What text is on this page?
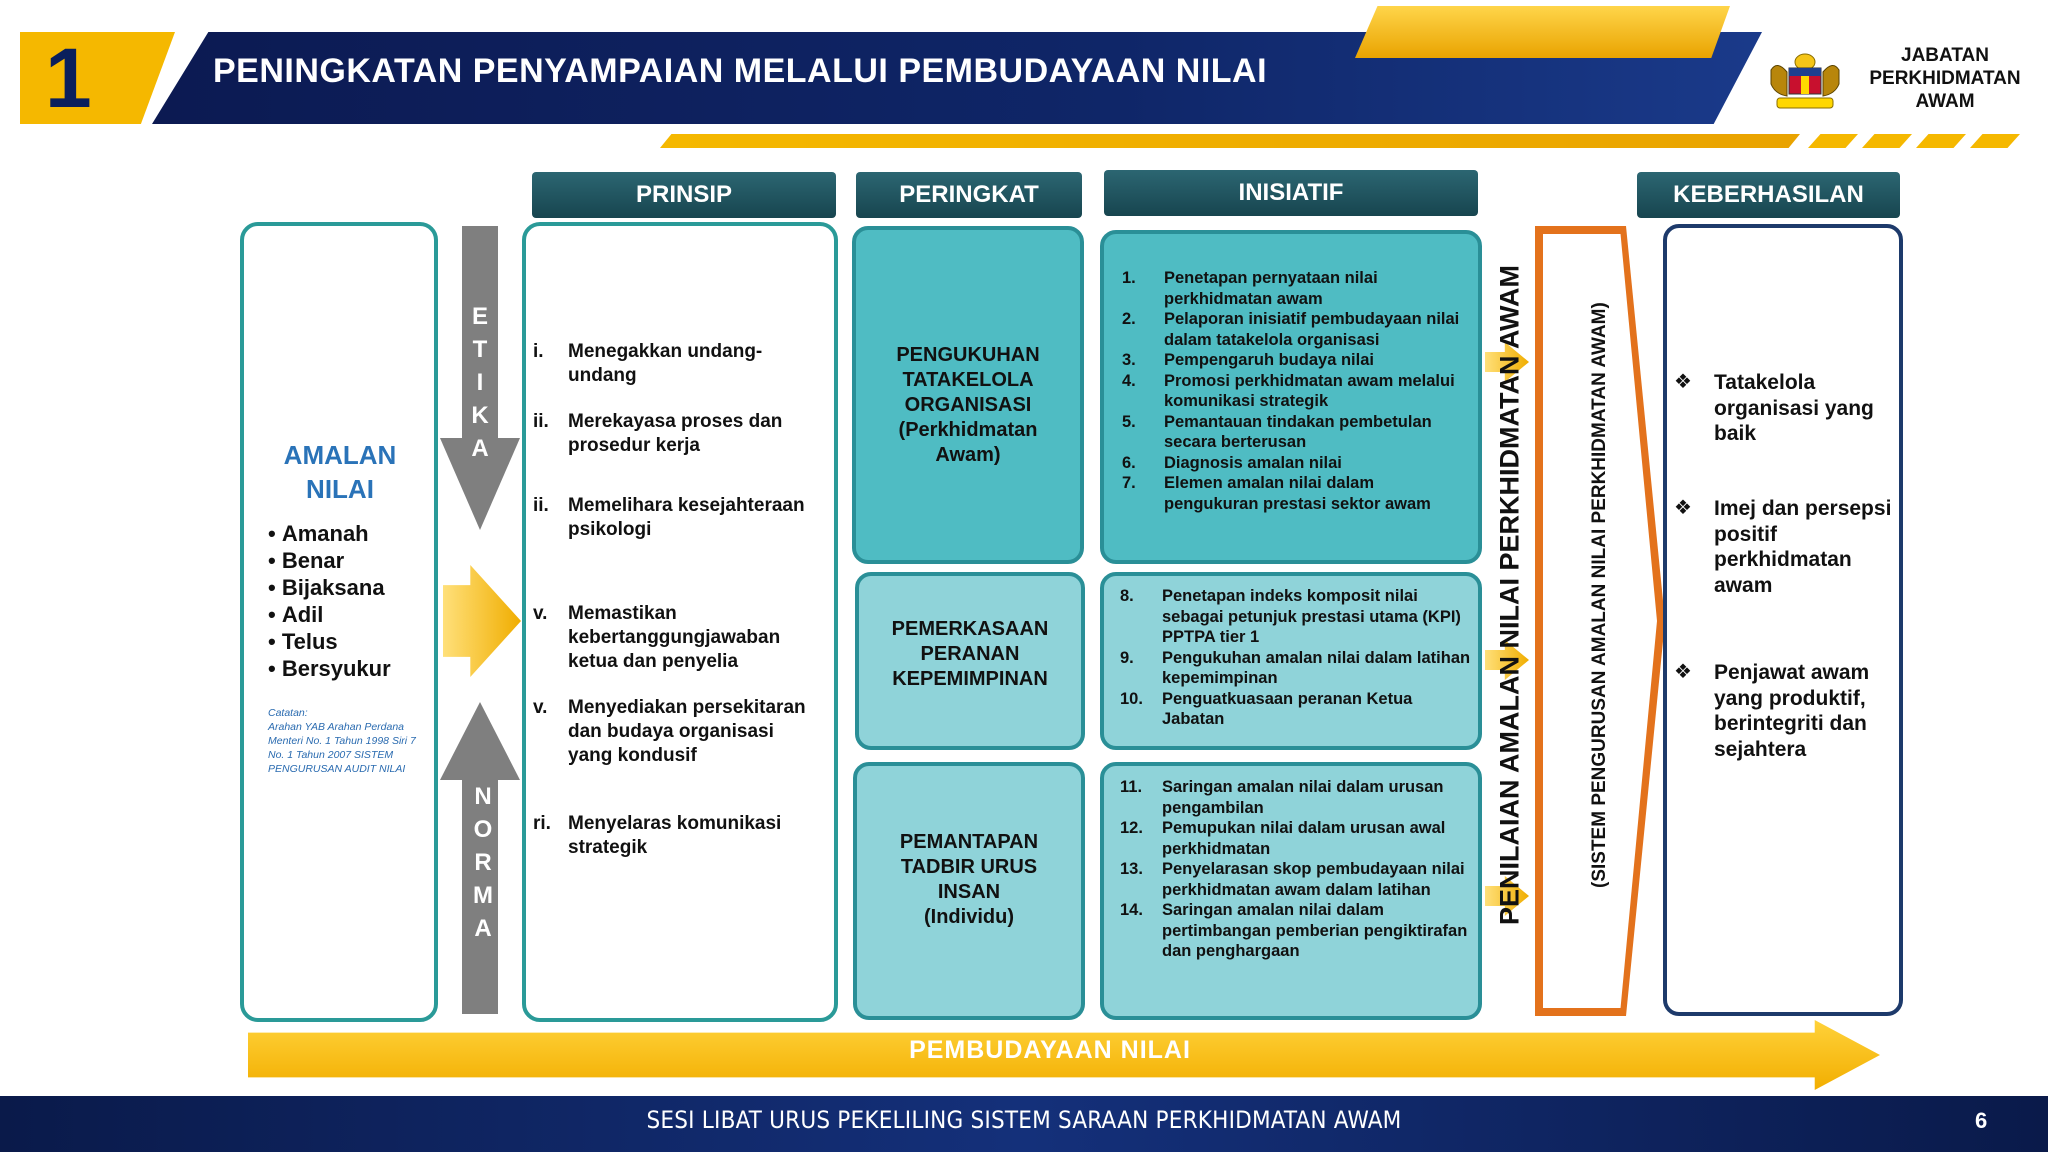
1	PENINGKATAN PENYAMPAIAN MELALUI PEMBUDAYAAN NILAI	JABATAN
PERKHIDMATAN
AWAM
PRINSIP	PERINGKAT	INISIATIF	KEBERHASILAN
AMALAN
NILAI
• Amanah
• Benar
• Bijaksana
• Adil
• Telus
• Bersyukur
Catatan:
Arahan YAB Arahan Perdana Menteri No. 1 Tahun 1998 Siri 7 No. 1 Tahun 2007 SISTEM PENGURUSAN AUDIT NILAI
E
T
I
K
A
N
O
R
M
A
i.	Menegakkan undang-undang
ii.	Merekayasa proses dan prosedur kerja
ii.	Memelihara kesejahteraan psikologi
v.	Memastikan kebertanggungjawaban ketua dan penyelia
v.	Menyediakan persekitaran dan budaya organisasi yang kondusif
ri. Menyelaras komunikasi strategik
PENGUKUHAN
TATAKELOLA
ORGANISASI
(Perkhidmatan
Awam)
PEMERKASAAN
PERANAN
KEPEMIMPINAN
PEMANTAPAN
TADBIR URUS
INSAN
(Individu)
1. Penetapan pernyataan nilai perkhidmatan awam
2. Pelaporan inisiatif pembudayaan nilai dalam tatakelola organisasi
3. Pempengaruh budaya nilai
4. Promosi perkhidmatan awam melalui komunikasi strategik
5. Pemantauan tindakan pembetulan secara berterusan
6. Diagnosis amalan nilai
7. Elemen amalan nilai dalam pengukuran prestasi sektor awam
8. Penetapan indeks komposit nilai sebagai petunjuk prestasi utama (KPI) PPTPA tier 1
9. Pengukuhan amalan nilai dalam latihan kepemimpinan
10. Penguatkuasaan peranan Ketua Jabatan
11. Saringan amalan nilai dalam urusan pengambilan
12. Pemupukan nilai dalam urusan awal perkhidmatan
13. Penyelarasan skop pembudayaan nilai perkhidmatan awam dalam latihan
14. Saringan amalan nilai dalam pertimbangan pemberian pengiktirafan dan penghargaan
PENILAIAN AMALAN NILAI PERKHIDMATAN AWAM	(SISTEM PENGURUSAN AMALAN NILAI PERKHIDMATAN AWAM)	❖ Tatakelola organisasi yang baik
❖ Imej dan persepsi positif perkhidmatan awam
❖ Penjawat awam yang produktif, berintegriti dan sejahtera
PEMBUDAYAAN NILAI
SESI LIBAT URUS PEKELILING SISTEM SARAAN PERKHIDMATAN AWAM	6
